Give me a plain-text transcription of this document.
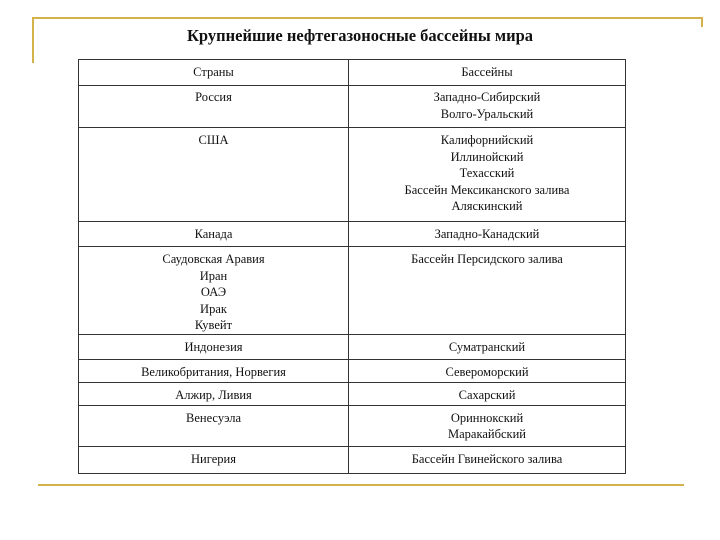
Крупнейшие нефтегазоносные бассейны мира
Страны	Бассейны

Россия	Западно-Сибирский
Волго-Уральский

США	Калифорнийский
Иллинойский
Техасский
Бассейн Мексиканского залива
Аляскинский

Канада	Западно-Канадский

Саудовская Аравия
Иран
ОАЭ
Ирак
Кувейт	Бассейн Персидского залива

Индонезия	Суматранский

Великобритания, Норвегия	Североморский

Алжир, Ливия	Сахарский

Венесуэла	Ориннокский
Маракайбский

Нигерия	Бассейн Гвинейского залива
